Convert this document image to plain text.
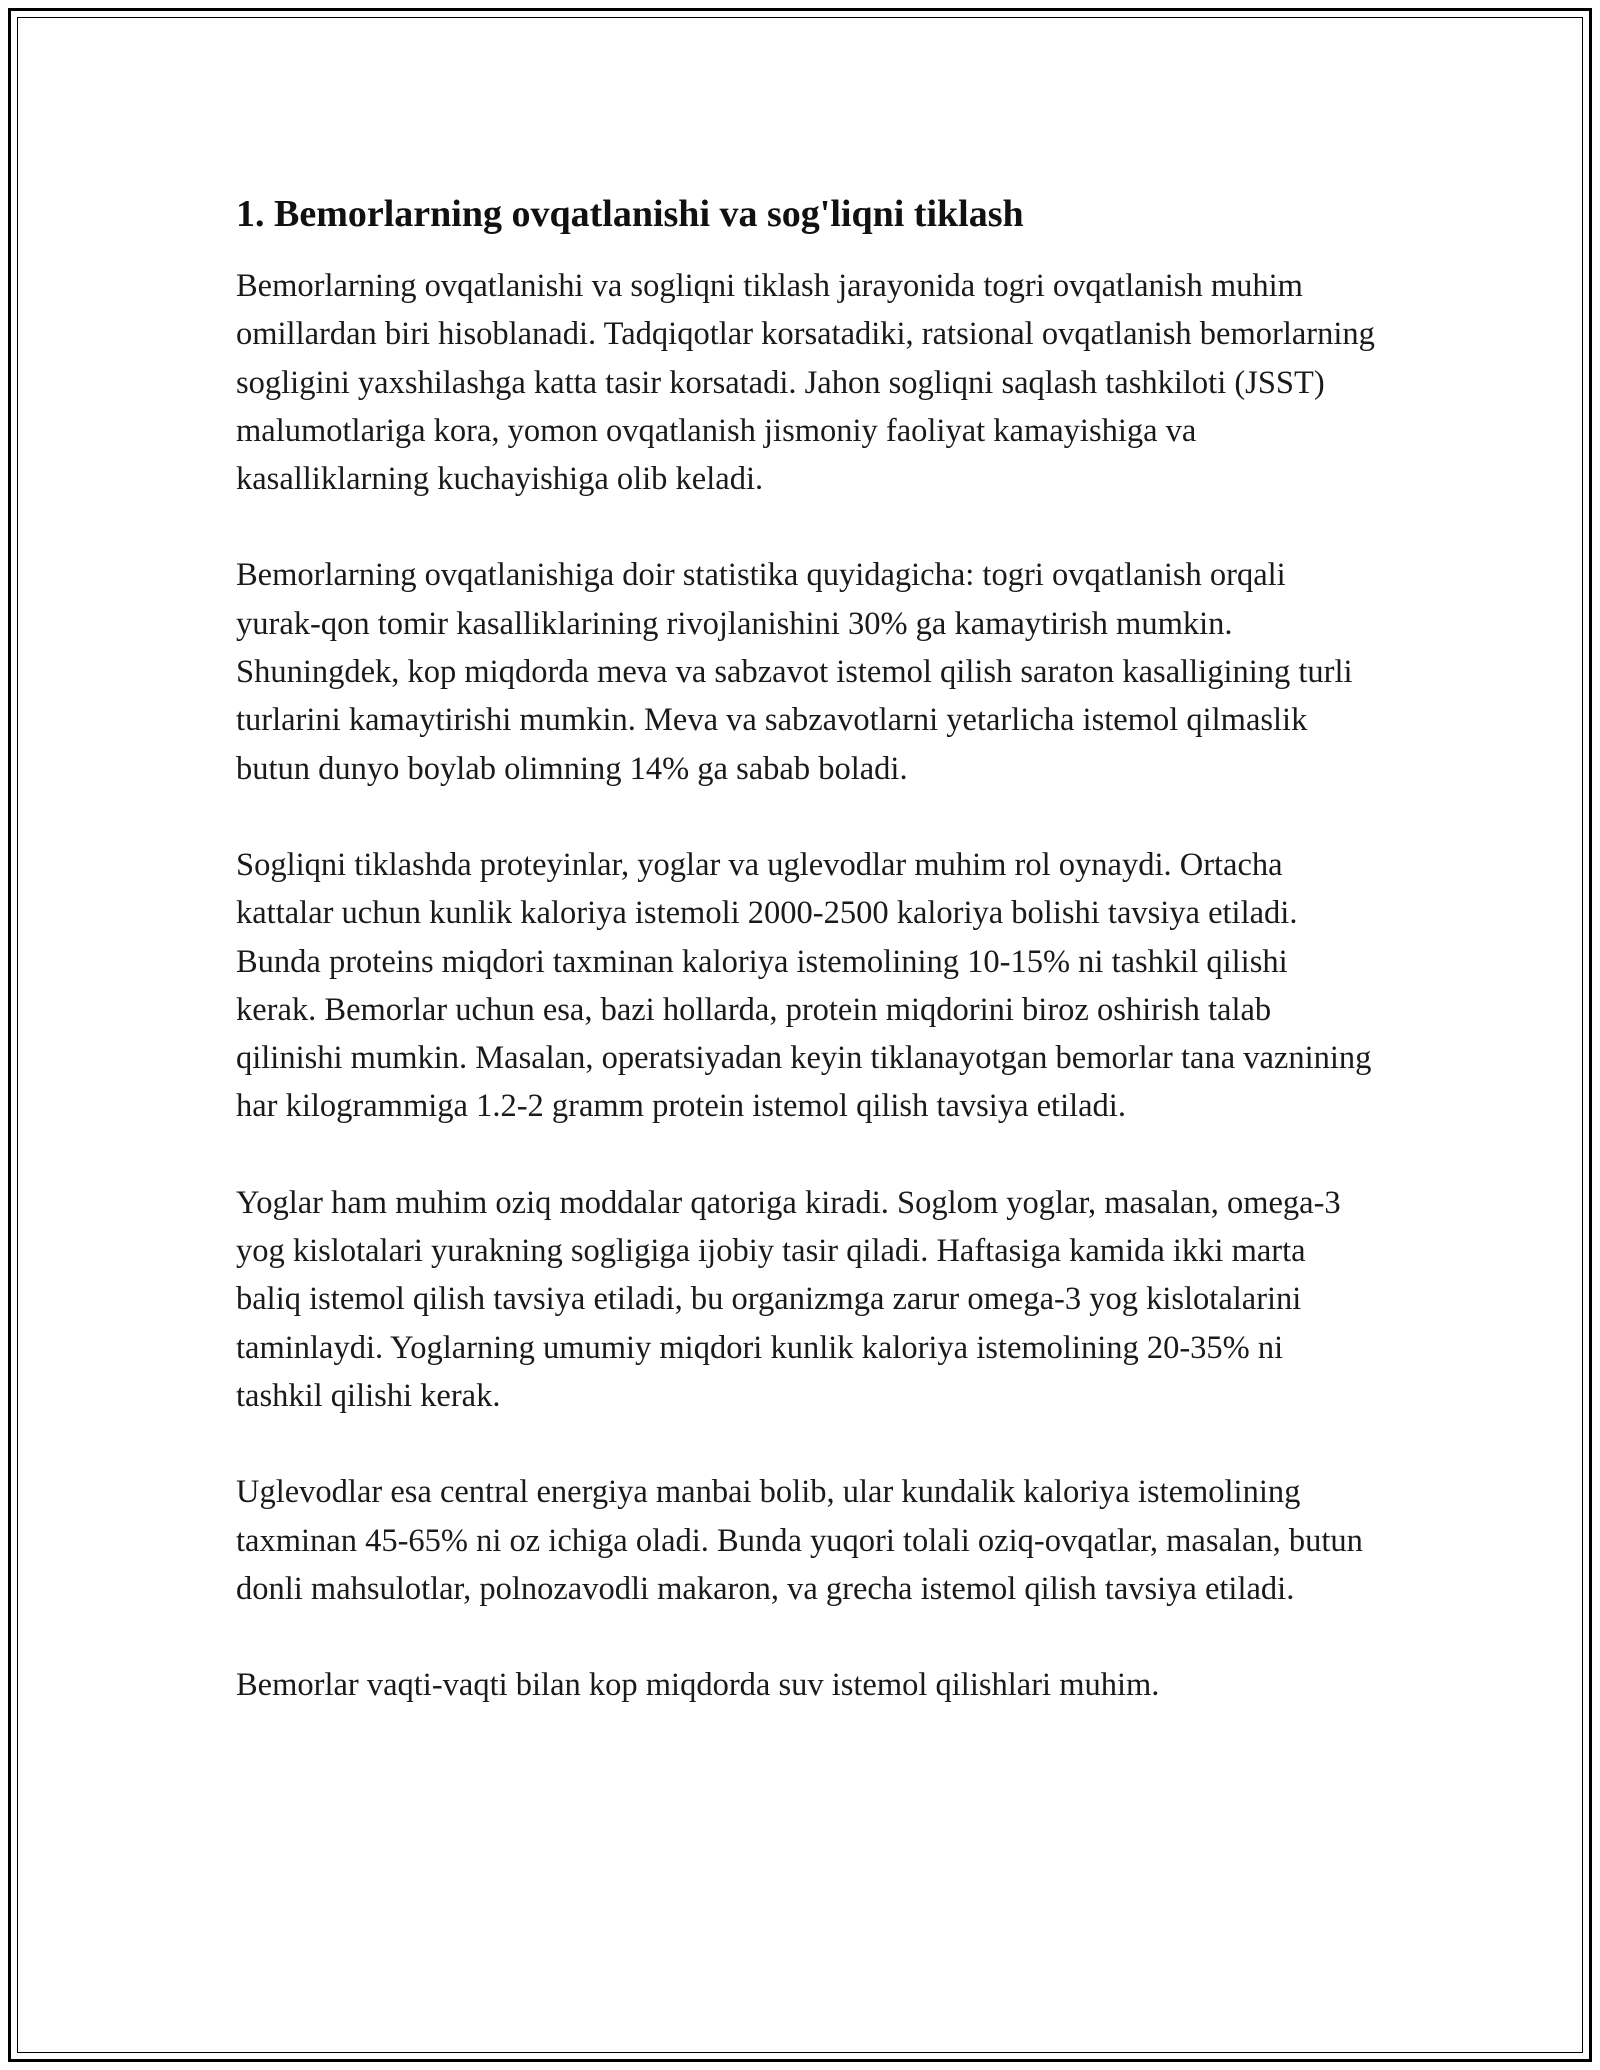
1. Bemorlarning ovqatlanishi va sog'liqni tiklash

Bemorlarning ovqatlanishi va sogliqni tiklash jarayonida togri ovqatlanish muhim omillardan biri hisoblanadi. Tadqiqotlar korsatadiki, ratsional ovqatlanish bemorlarning sogligini yaxshilashga katta tasir korsatadi. Jahon sogliqni saqlash tashkiloti (JSST) malumotlariga kora, yomon ovqatlanish jismoniy faoliyat kamayishiga va kasalliklarning kuchayishiga olib keladi.

Bemorlarning ovqatlanishiga doir statistika quyidagicha: togri ovqatlanish orqali yurak-qon tomir kasalliklarining rivojlanishini 30% ga kamaytirish mumkin. Shuningdek, kop miqdorda meva va sabzavot istemol qilish saraton kasalligining turli turlarini kamaytirishi mumkin. Meva va sabzavotlarni yetarlicha istemol qilmaslik butun dunyo boylab olimning 14% ga sabab boladi.

Sogliqni tiklashda proteyinlar, yoglar va uglevodlar muhim rol oynaydi. Ortacha kattalar uchun kunlik kaloriya istemoli 2000-2500 kaloriya bolishi tavsiya etiladi. Bunda proteins miqdori taxminan kaloriya istemolining 10-15% ni tashkil qilishi kerak. Bemorlar uchun esa, bazi hollarda, protein miqdorini biroz oshirish talab qilinishi mumkin. Masalan, operatsiyadan keyin tiklanayotgan bemorlar tana vaznining har kilogrammiga 1.2-2 gramm protein istemol qilish tavsiya etiladi.

Yoglar ham muhim oziq moddalar qatoriga kiradi. Soglom yoglar, masalan, omega-3 yog kislotalari yurakning sogligiga ijobiy tasir qiladi. Haftasiga kamida ikki marta baliq istemol qilish tavsiya etiladi, bu organizmga zarur omega-3 yog kislotalarini taminlaydi. Yoglarning umumiy miqdori kunlik kaloriya istemolining 20-35% ni tashkil qilishi kerak.

Uglevodlar esa central energiya manbai bolib, ular kundalik kaloriya istemolining taxminan 45-65% ni oz ichiga oladi. Bunda yuqori tolali oziq-ovqatlar, masalan, butun donli mahsulotlar, polnozavodli makaron, va grecha istemol qilish tavsiya etiladi.

Bemorlar vaqti-vaqti bilan kop miqdorda suv istemol qilishlari muhim.
